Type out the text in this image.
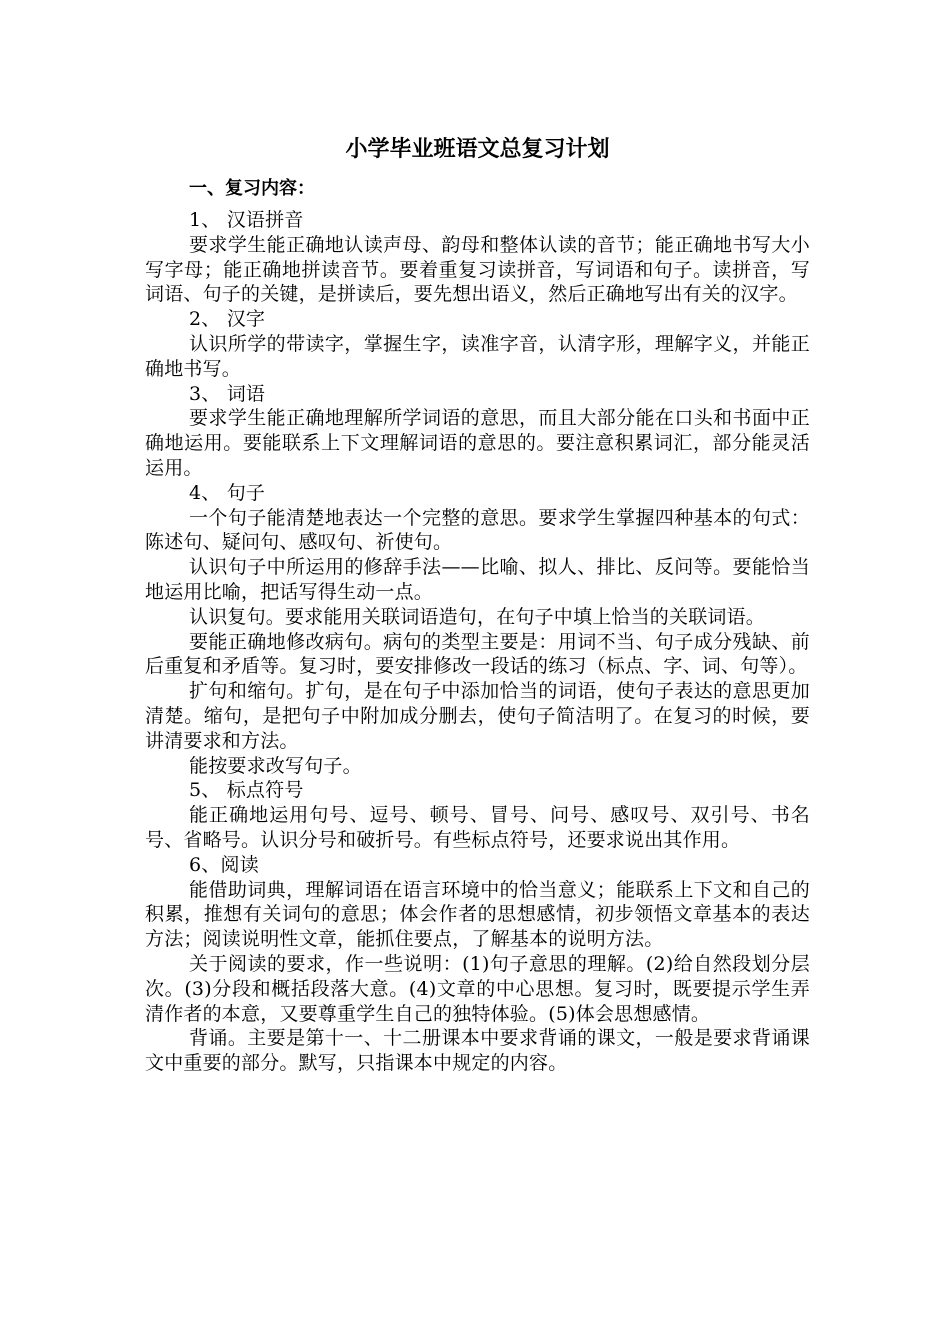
小学毕业班语文总复习计划
一、复习内容：

1、 汉语拼音

要求学生能正确地认读声母、韵母和整体认读的音节；能正确地书写大小写字母；能正确地拼读音节。要着重复习读拼音，写词语和句子。读拼音，写词语、句子的关键，是拼读后，要先想出语义，然后正确地写出有关的汉字。

2、 汉字

认识所学的带读字，掌握生字，读准字音，认清字形，理解字义，并能正确地书写。

3、 词语

要求学生能正确地理解所学词语的意思，而且大部分能在口头和书面中正确地运用。要能联系上下文理解词语的意思的。要注意积累词汇，部分能灵活运用。

4、 句子

一个句子能清楚地表达一个完整的意思。要求学生掌握四种基本的句式：陈述句、疑问句、感叹句、祈使句。

认识句子中所运用的修辞手法——比喻、拟人、排比、反问等。要能恰当地运用比喻，把话写得生动一点。

认识复句。要求能用关联词语造句，在句子中填上恰当的关联词语。

要能正确地修改病句。病句的类型主要是：用词不当、句子成分残缺、前后重复和矛盾等。复习时，要安排修改一段话的练习（标点、字、词、句等）。

扩句和缩句。扩句，是在句子中添加恰当的词语，使句子表达的意思更加清楚。缩句，是把句子中附加成分删去，使句子简洁明了。在复习的时候，要讲清要求和方法。

能按要求改写句子。

5、 标点符号

能正确地运用句号、逗号、顿号、冒号、问号、感叹号、双引号、书名号、省略号。认识分号和破折号。有些标点符号，还要求说出其作用。

6、阅读

能借助词典，理解词语在语言环境中的恰当意义；能联系上下文和自己的积累，推想有关词句的意思；体会作者的思想感情，初步领悟文章基本的表达方法；阅读说明性文章，能抓住要点，了解基本的说明方法。

关于阅读的要求，作一些说明：(1)句子意思的理解。(2)给自然段划分层次。(3)分段和概括段落大意。(4)文章的中心思想。复习时，既要提示学生弄清作者的本意，又要尊重学生自己的独特体验。(5)体会思想感情。

背诵。主要是第十一、十二册课本中要求背诵的课文，一般是要求背诵课文中重要的部分。默写，只指课本中规定的内容。
